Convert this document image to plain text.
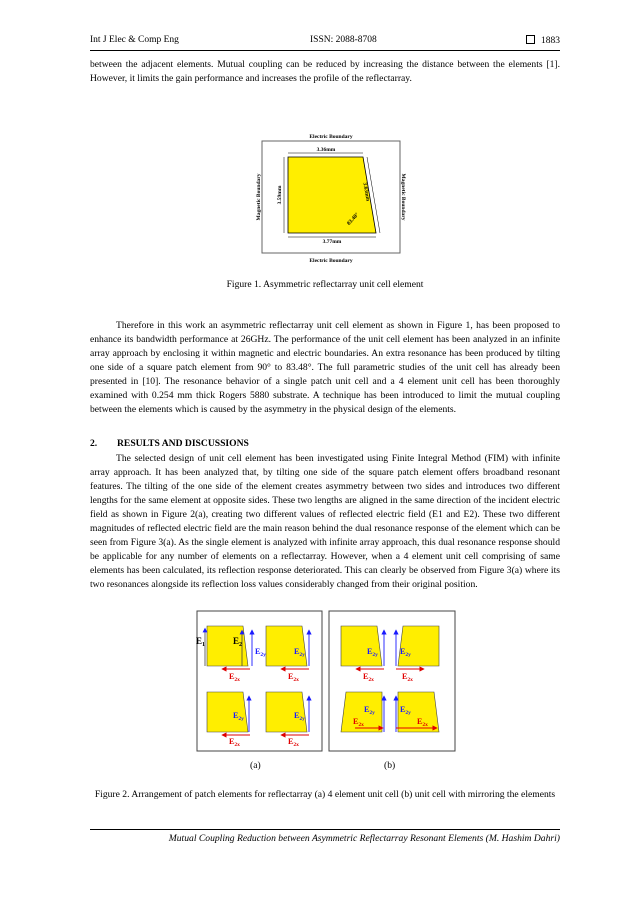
Int J Elec & Comp Eng	ISSN: 2088-8708	1883

between the adjacent elements. Mutual coupling can be reduced by increasing the distance between the elements [1]. However, it limits the gain performance and increases the profile of the reflectarray.

Electric Boundary
Electric Boundary
Magnetic Boundary	Magnetic Boundary
3.36mm
3.59mm	3.63mm
3.77mm
83.48°

Figure 1. Asymmetric reflectarray unit cell element

Therefore in this work an asymmetric reflectarray unit cell element as shown in Figure 1, has been proposed to enhance its bandwidth performance at 26GHz. The performance of the unit cell element has been analyzed in an infinite array approach by enclosing it within magnetic and electric boundaries. An extra resonance has been produced by tilting one side of a square patch element from 90° to 83.48°. The full parametric studies of the unit cell has already been presented in [10]. The resonance behavior of a single patch unit cell and a 4 element unit cell has been thoroughly examined with 0.254 mm thick Rogers 5880 substrate. A technique has been introduced to limit the mutual coupling between the elements which is caused by the asymmetry in the physical design of the elements.

2. RESULTS AND DISCUSSIONS

The selected design of unit cell element has been investigated using Finite Integral Method (FIM) with infinite array approach. It has been analyzed that, by tilting one side of the square patch element offers broadband resonant features. The tilting of the one side of the element creates asymmetry between two sides and introduces two different lengths for the same element at opposite sides. These two lengths are aligned in the same direction of the incident electric field as shown in Figure 2(a), creating two different values of reflected electric field (E1 and E2). These two different magnitudes of reflected electric field are the main reason behind the dual resonance response of the element which can be seen from Figure 3(a). As the single element is analyzed with infinite array approach, this dual resonance response should be applicable for any number of elements on a reflectarray. However, when a 4 element unit cell comprising of same elements has been calculated, its reflection response deteriorated. This can clearly be observed from Figure 3(a) where its two resonances alongside its reflection loss values considerably changed from their original position.

$E_1$	$E_2$
$E_{2y}$	$E_{2y}$
$E_{2y}$	$E_{2y}$
$E_{2x}$	$E_{2x}$
$E_{2x}$	$E_{2x}$
$E_{2y}$	$E_{2y}$
$E_{2y}$	$E_{2y}$
$E_{2x}$	$E_{2x}$
$E_{2x}$	$E_{2x}$
(a)	(b)

Figure 2. Arrangement of patch elements for reflectarray (a) 4 element unit cell (b) unit cell with mirroring the elements

Mutual Coupling Reduction between Asymmetric Reflectarray Resonant Elements (M. Hashim Dahri)
